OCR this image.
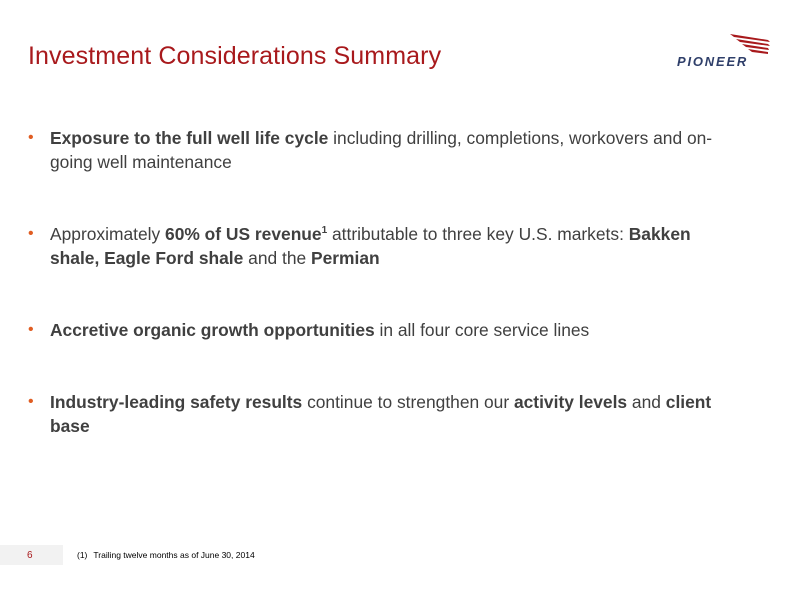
Investment Considerations Summary	PIONEER
• Exposure to the full well life cycle including drilling, completions, workovers and on-going well maintenance
• Approximately 60% of US revenue$^1$ attributable to three key U.S. markets: Bakken shale, Eagle Ford shale and the Permian
• Accretive organic growth opportunities in all four core service lines
• Industry-leading safety results continue to strengthen our activity levels and client base
6	(1) Trailing twelve months as of June 30, 2014
